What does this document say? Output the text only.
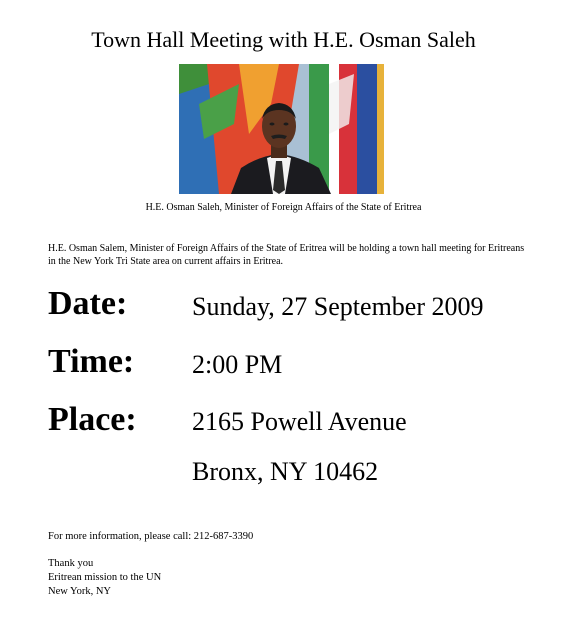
Town Hall Meeting with H.E. Osman Saleh
H.E. Osman Saleh, Minister of Foreign Affairs of the State of Eritrea
H.E. Osman Salem, Minister of Foreign Affairs of the State of Eritrea will be holding a town hall meeting for Eritreans in the New York Tri State area on current affairs in Eritrea.
Date: Sunday, 27 September 2009
Time: 2:00 PM
Place: 2165 Powell Avenue
Bronx, NY 10462
For more information, please call: 212-687-3390
Thank you
Eritrean mission to the UN
New York, NY
